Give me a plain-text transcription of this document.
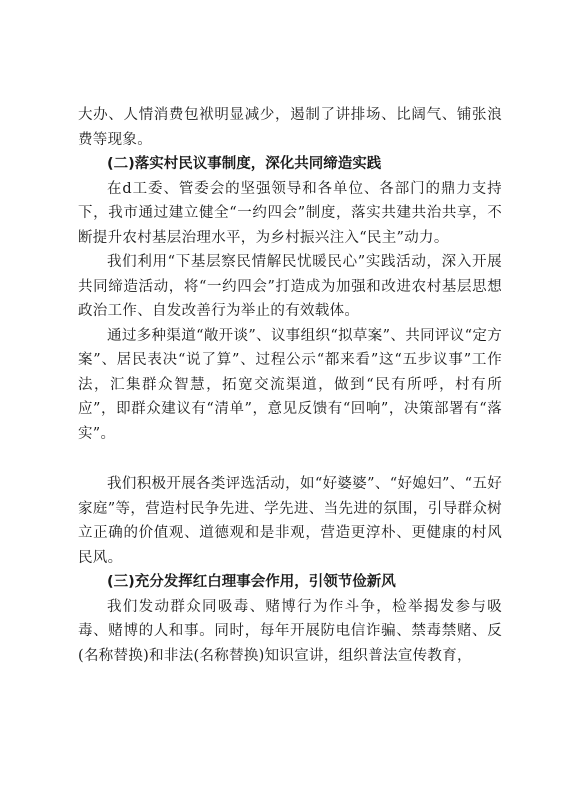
大办、人情消费包袱明显减少，遏制了讲排场、比阔气、铺张浪费等现象。

(二)落实村民议事制度，深化共同缔造实践

在d工委、管委会的坚强领导和各单位、各部门的鼎力支持下，我市通过建立健全“一约四会”制度，落实共建共治共享，不断提升农村基层治理水平，为乡村振兴注入“民主”动力。

我们利用“下基层察民情解民忧暖民心”实践活动，深入开展共同缔造活动，将“一约四会”打造成为加强和改进农村基层思想政治工作、自发改善行为举止的有效载体。

通过多种渠道“敞开谈”、议事组织“拟草案”、共同评议“定方案”、居民表决“说了算”、过程公示“都来看”这“五步议事”工作法，汇集群众智慧，拓宽交流渠道，做到“民有所呼，村有所应”，即群众建议有“清单”，意见反馈有“回响”，决策部署有“落实”。

我们积极开展各类评选活动，如“好婆婆”、“好媳妇”、“五好家庭”等，营造村民争先进、学先进、当先进的氛围，引导群众树立正确的价值观、道德观和是非观，营造更淳朴、更健康的村风民风。

(三)充分发挥红白理事会作用，引领节俭新风

我们发动群众同吸毒、赌博行为作斗争，检举揭发参与吸毒、赌博的人和事。同时，每年开展防电信诈骗、禁毒禁赌、反(名称替换)和非法(名称替换)知识宣讲，组织普法宣传教育，
